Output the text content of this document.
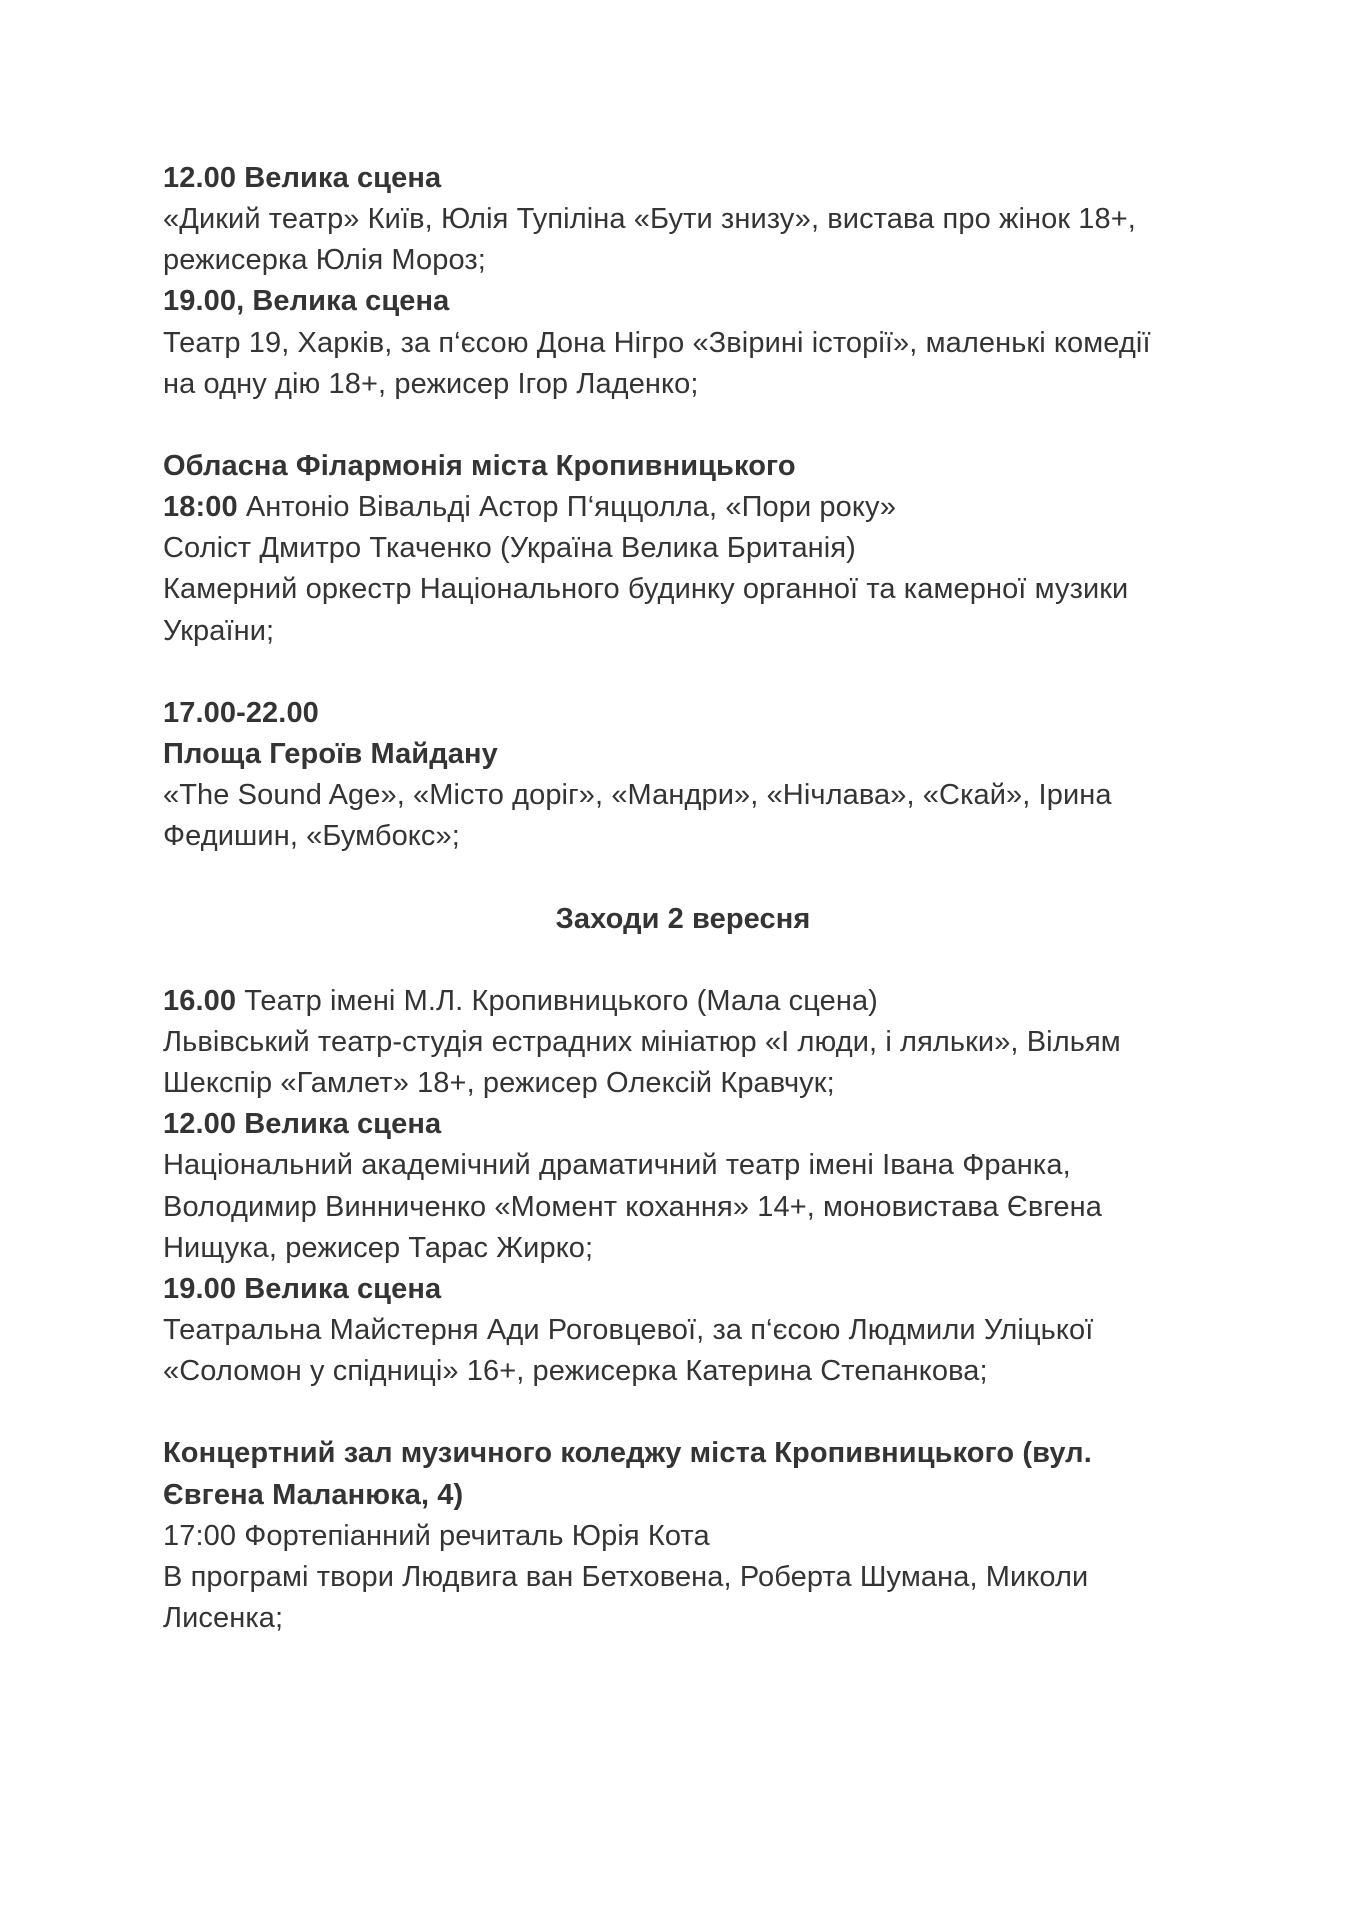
12.00 Велика сцена
«Дикий театр» Київ, Юлія Тупіліна «Бути знизу», вистава про жінок 18+,
режисерка Юлія Мороз;
19.00, Велика сцена
Театр 19, Харків, за п‘єсою Дона Нігро «Звірині історії», маленькі комедії
на одну дію 18+, режисер Ігор Ладенко;
Обласна Філармонія міста Кропивницького
18:00 Антоніо Вівальді Астор П‘яццолла, «Пори року»
Соліст Дмитро Ткаченко (Україна Велика Британія)
Камерний оркестр Національного будинку органної та камерної музики
України;
17.00-22.00
Площа Героїв Майдану
«The Sound Age», «Місто доріг», «Мандри», «Нічлава», «Скай», Ірина
Федишин, «Бумбокс»;
Заходи 2 вересня
16.00 Театр імені М.Л. Кропивницького (Мала сцена)
Львівський театр-студія естрадних мініатюр «І люди, і ляльки», Вільям
Шекспір «Гамлет» 18+, режисер Олексій Кравчук;
12.00 Велика сцена
Національний академічний драматичний театр імені Івана Франка,
Володимир Винниченко «Момент кохання» 14+, моновистава Євгена
Нищука, режисер Тарас Жирко;
19.00 Велика сцена
Театральна Майстерня Ади Роговцевої, за п‘єсою Людмили Уліцької
«Соломон у спідниці» 16+, режисерка Катерина Степанкова;
Концертний зал музичного коледжу міста Кропивницького (вул.
Євгена Маланюка, 4)
17:00 Фортепіанний речиталь Юрія Кота
В програмі твори Людвига ван Бетховена, Роберта Шумана, Миколи
Лисенка;
